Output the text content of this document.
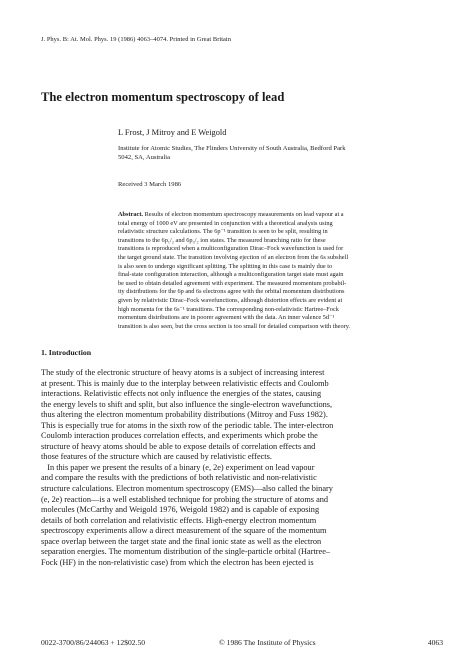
J. Phys. B: At. Mol. Phys. 19 (1986) 4063–4074. Printed in Great Britain
The electron momentum spectroscopy of lead
L Frost, J Mitroy and E Weigold
Institute for Atomic Studies, The Flinders University of South Australia, Bedford Park
5042, SA, Australia
Received 3 March 1986
Abstract. Results of electron momentum spectroscopy measurements on lead vapour at a
total energy of 1000 eV are presented in conjunction with a theoretical analysis using
relativistic structure calculations. The 6p⁻¹ transition is seen to be split, resulting in
transitions to the 6p₁/₂ and 6p₃/₂ ion states. The measured branching ratio for these
transitions is reproduced when a multiconfiguration Dirac–Fock wavefunction is used for
the target ground state. The transition involving ejection of an electron from the 6s subshell
is also seen to undergo significant splitting. The splitting in this case is mainly due to
final-state configuration interaction, although a multiconfiguration target state must again
be used to obtain detailed agreement with experiment. The measured momentum probabil-
ity distributions for the 6p and 6s electrons agree with the orbital momentum distributions
given by relativistic Dirac–Fock wavefunctions, although distortion effects are evident at
high momenta for the 6s⁻¹ transitions. The corresponding non-relativistic Hartree–Fock
momentum distributions are in poorer agreement with the data. An inner valence 5d⁻¹
transition is also seen, but the cross section is too small for detailed comparison with theory.
1. Introduction
The study of the electronic structure of heavy atoms is a subject of increasing interest
at present. This is mainly due to the interplay between relativistic effects and Coulomb
interactions. Relativistic effects not only influence the energies of the states, causing
the energy levels to shift and split, but also influence the single-electron wavefunctions,
thus altering the electron momentum probability distributions (Mitroy and Fuss 1982).
This is especially true for atoms in the sixth row of the periodic table. The inter-electron
Coulomb interaction produces correlation effects, and experiments which probe the
structure of heavy atoms should be able to expose details of correlation effects and
those features of the structure which are caused by relativistic effects.
In this paper we present the results of a binary (e, 2e) experiment on lead vapour
and compare the results with the predictions of both relativistic and non-relativistic
structure calculations. Electron momentum spectroscopy (EMS)—also called the binary
(e, 2e) reaction—is a well established technique for probing the structure of atoms and
molecules (McCarthy and Weigold 1976, Weigold 1982) and is capable of exposing
details of both correlation and relativistic effects. High-energy electron momentum
spectroscopy experiments allow a direct measurement of the square of the momentum
space overlap between the target state and the final ionic state as well as the electron
separation energies. The momentum distribution of the single-particle orbital (Hartree–
Fock (HF) in the non-relativistic case) from which the electron has been ejected is
0022-3700/86/244063 + 12$02.50	© 1986 The Institute of Physics	4063
